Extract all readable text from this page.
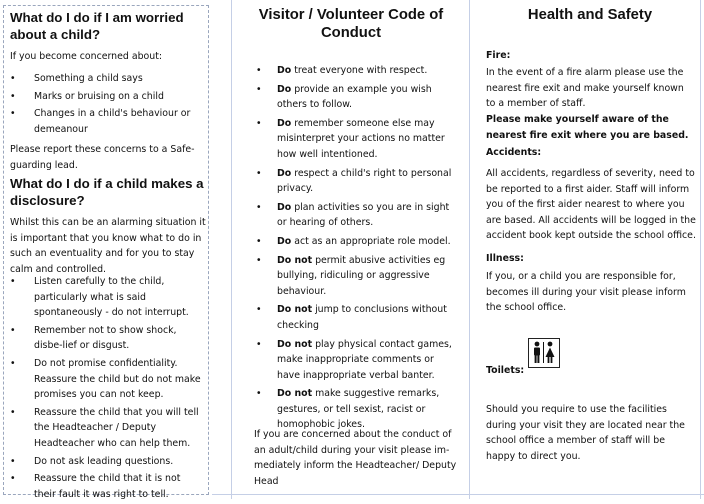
What do I do if I am worried about a child?

If you become concerned about:

• Something a child says
• Marks or bruising on a child
• Changes in a child's behaviour or demeanour

Please report these concerns to a Safe-guarding lead.

What do I do if a child makes a disclosure?

Whilst this can be an alarming situation it is important that you know what to do in such an eventuality and for you to stay calm and controlled.

• Listen carefully to the child, particularly what is said spontaneously - do not interrupt.
• Remember not to show shock, disbe-lief or disgust.
• Do not promise confidentiality. Reassure the child but do not make promises you can not keep.
• Reassure the child that you will tell the Headteacher / Deputy Headteacher who can help them.
• Do not ask leading questions.
• Reassure the child that it is not their fault it was right to tell.
Visitor / Volunteer Code of Conduct
• Do treat everyone with respect.
• Do provide an example you wish others to follow.
• Do remember someone else may misinterpret your actions no matter how well intentioned.
• Do respect a child's right to personal privacy.
• Do plan activities so you are in sight or hearing of others.
• Do act as an appropriate role model.
• Do not permit abusive activities eg bullying, ridiculing or aggressive behaviour.
• Do not jump to conclusions without checking
• Do not play physical contact games, make inappropriate comments or have inappropriate verbal banter.
• Do not make suggestive remarks, gestures, or tell sexist, racist or homophobic jokes.

If you are concerned about the conduct of an adult/child during your visit please im-mediately inform the Headteacher/ Deputy Head

Health and Safety

Fire:

In the event of a fire alarm please use the nearest fire exit and make yourself known to a member of staff.

Please make yourself aware of the nearest fire exit where you are based.

Accidents:

All accidents, regardless of severity, need to be reported to a first aider. Staff will inform you of the first aider nearest to where you are based. All accidents will be logged in the accident book kept outside the school office.

Illness:

If you, or a child you are responsible for, becomes ill during your visit please inform the school office.

Toilets:

Should you require to use the facilities during your visit they are located near the school office a member of staff will be happy to direct you.
